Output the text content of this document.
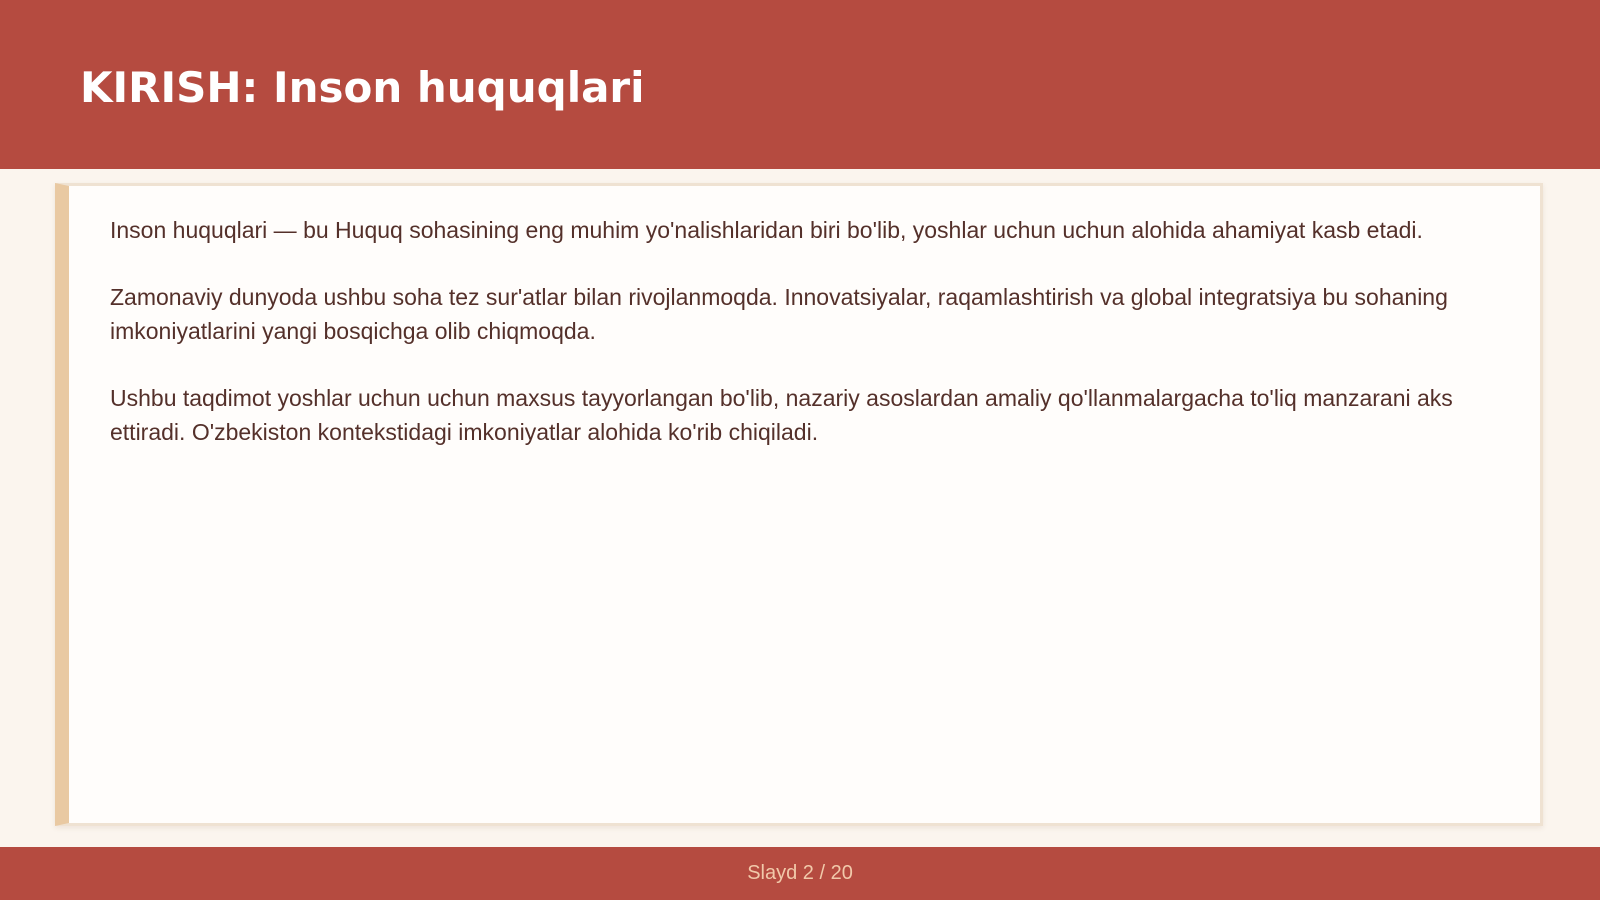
KIRISH: Inson huquqlari

Inson huquqlari — bu Huquq sohasining eng muhim yo'nalishlaridan biri bo'lib, yoshlar uchun uchun alohida ahamiyat kasb etadi.

Zamonaviy dunyoda ushbu soha tez sur'atlar bilan rivojlanmoqda. Innovatsiyalar, raqamlashtirish va global integratsiya bu sohaning imkoniyatlarini yangi bosqichga olib chiqmoqda.

Ushbu taqdimot yoshlar uchun uchun maxsus tayyorlangan bo'lib, nazariy asoslardan amaliy qo'llanmalargacha to'liq manzarani aks ettiradi. O'zbekiston kontekstidagi imkoniyatlar alohida ko'rib chiqiladi.

Slayd 2 / 20
